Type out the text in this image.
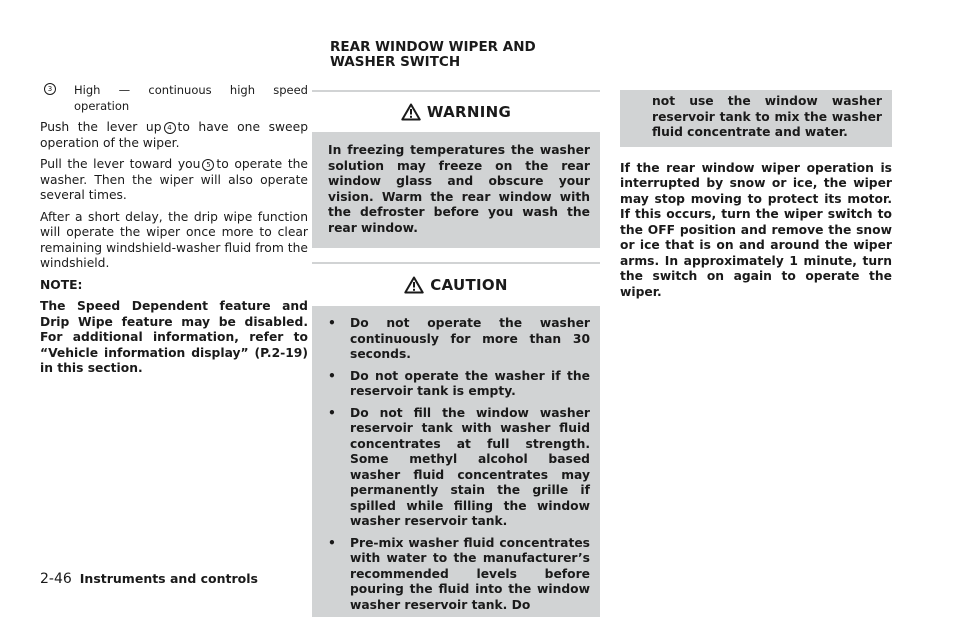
REAR WINDOW WIPER AND
WASHER SWITCH
3	High — continuous high speed operation

Push the lever up 4 to have one sweep operation of the wiper.

Pull the lever toward you 5 to operate the washer. Then the wiper will also operate several times.

After a short delay, the drip wipe function will operate the wiper once more to clear remaining windshield-washer fluid from the windshield.

NOTE:

The Speed Dependent feature and Drip Wipe feature may be disabled. For additional information, refer to “Vehicle information display” (P.2-19) in this section.

WARNING
In freezing temperatures the washer solution may freeze on the rear window glass and obscure your vision. Warm the rear window with the defroster before you wash the rear window.
CAUTION
•	Do not operate the washer continuously for more than 30 seconds.
•	Do not operate the washer if the reservoir tank is empty.
•	Do not fill the window washer reservoir tank with washer fluid concentrates at full strength. Some methyl alcohol based washer fluid concentrates may permanently stain the grille if spilled while filling the window washer reservoir tank.
•	Pre-mix washer fluid concentrates with water to the manufacturer’s recommended levels before pouring the fluid into the window washer reservoir tank. Do
not use the window washer reservoir tank to mix the washer fluid concentrate and water.

If the rear window wiper operation is interrupted by snow or ice, the wiper may stop moving to protect its motor. If this occurs, turn the wiper switch to the OFF position and remove the snow or ice that is on and around the wiper arms. In approximately 1 minute, turn the switch on again to operate the wiper.

2-46 Instruments and controls
